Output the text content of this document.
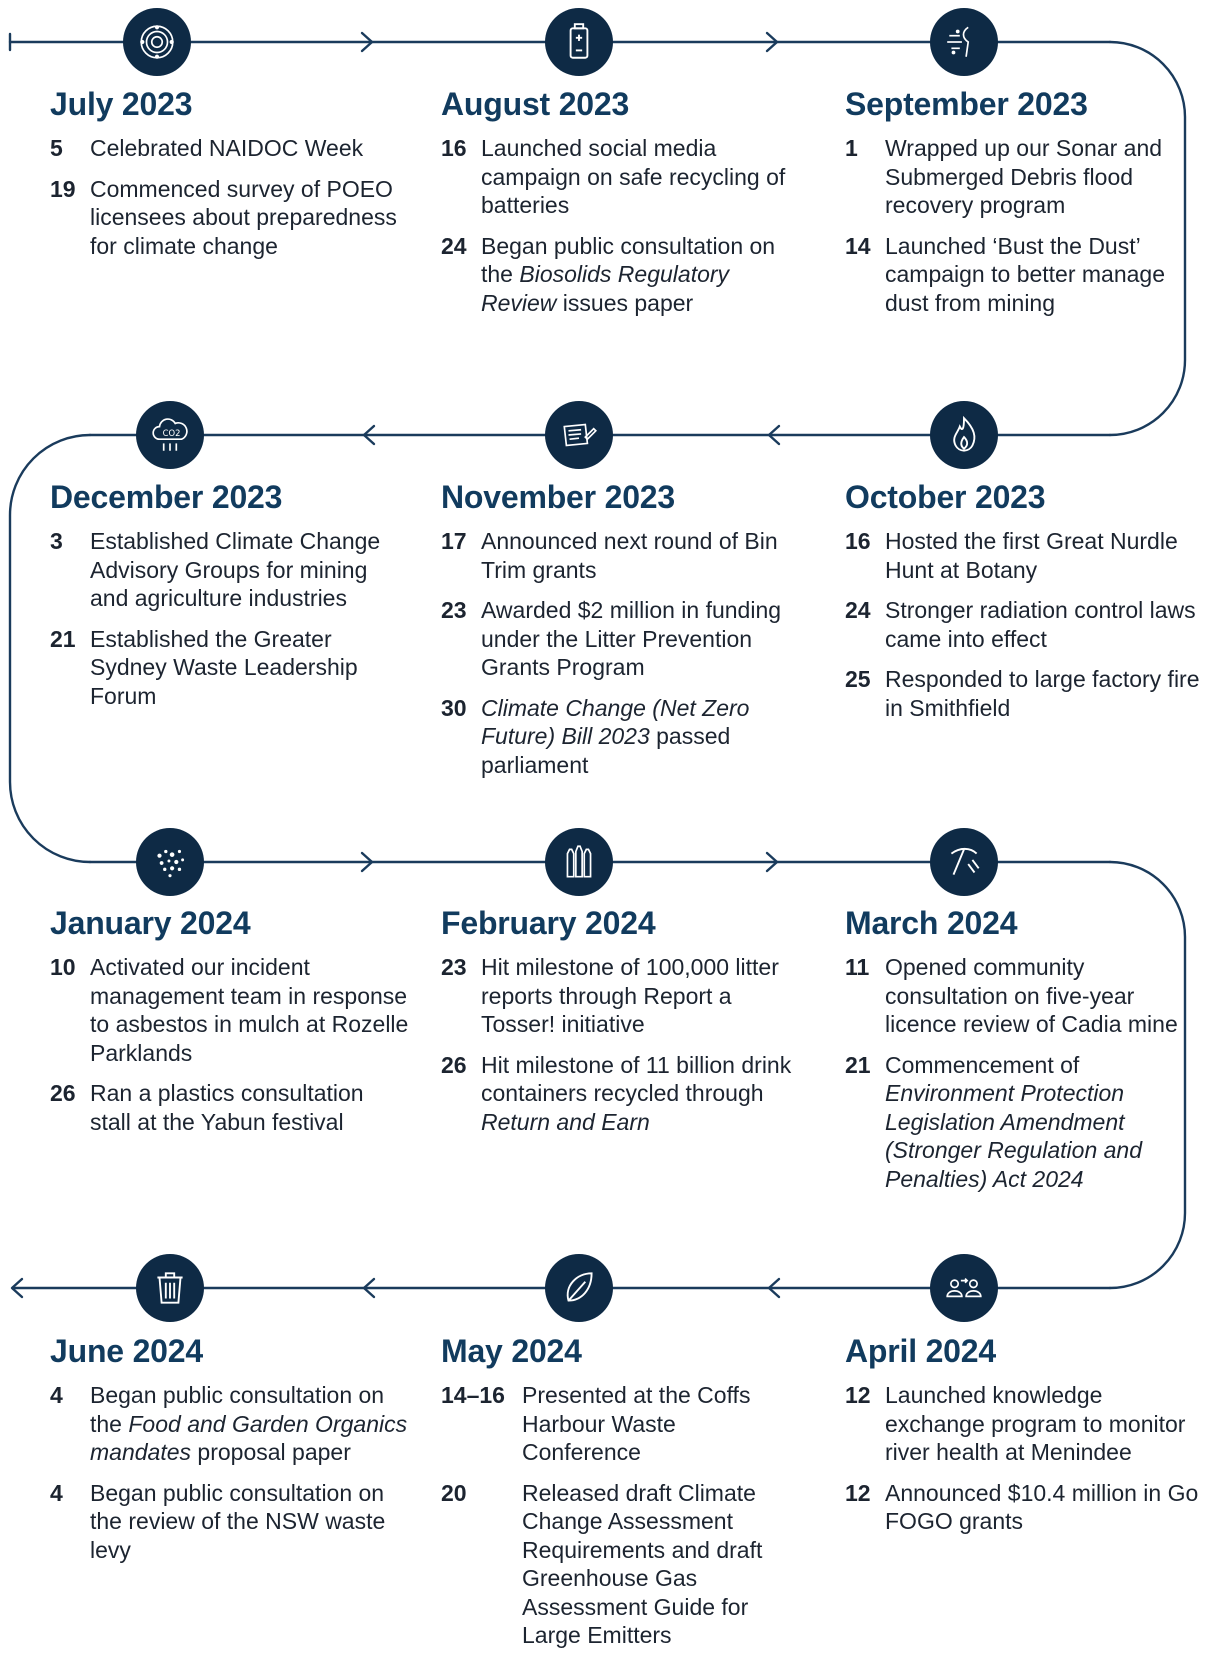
CO2
July 2023
5	Celebrated NAIDOC Week
19 Commenced survey of POEO licensees about preparedness for climate change
August 2023
16 Launched social media campaign on safe recycling of batteries
24 Began public consultation on the Biosolids Regulatory Review issues paper
September 2023
1	Wrapped up our Sonar and Submerged Debris flood recovery program
14 Launched ‘Bust the Dust’ campaign to better manage dust from mining
December 2023
3	Established Climate Change Advisory Groups for mining and agriculture industries
21 Established the Greater Sydney Waste Leadership Forum
November 2023
17 Announced next round of Bin Trim grants
23 Awarded $2 million in funding under the Litter Prevention Grants Program
30 Climate Change (Net Zero Future) Bill 2023 passed parliament
October 2023
16 Hosted the first Great Nurdle Hunt at Botany
24 Stronger radiation control laws came into effect
25 Responded to large factory fire in Smithfield
January 2024
10 Activated our incident management team in response to asbestos in mulch at Rozelle Parklands
26 Ran a plastics consultation stall at the Yabun festival
February 2024
23 Hit milestone of 100,000 litter reports through Report a Tosser! initiative
26 Hit milestone of 11 billion drink containers recycled through Return and Earn
March 2024
11 Opened community consultation on five-year licence review of Cadia mine
21 Commencement of Environment Protection Legislation Amendment (Stronger Regulation and Penalties) Act 2024
June 2024
4	Began public consultation on the Food and Garden Organics mandates proposal paper
4	Began public consultation on the review of the NSW waste levy
May 2024
14–16 Presented at the Coffs Harbour Waste Conference
20	Released draft Climate Change Assessment Requirements and draft Greenhouse Gas Assessment Guide for Large Emitters
April 2024
12 Launched knowledge exchange program to monitor river health at Menindee
12 Announced $10.4 million in Go FOGO grants
